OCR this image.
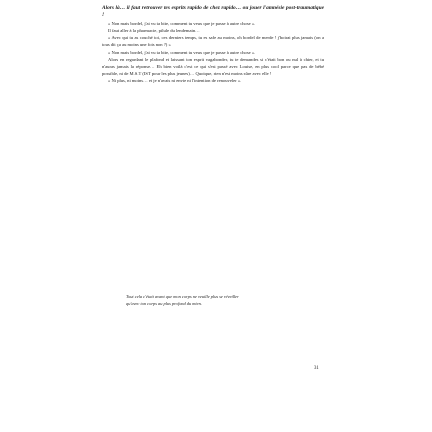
Alors là… il faut retrouver tes esprits rapido de chez rapido… ou jouer l'amnésie post-traumatique !

« Non mais bordel, j'ai vu ta bite, comment tu veux que je passe à autre chose ».

Il faut aller à la pharmacie, pilule du lendemain…

« Avec qui tu as couché toi, ces derniers temps, tu es safe au moins, oh bordel de merde ! j'boirai plus jamais (on a tous dit ça au moins une fois non ?) »

« Non mais bordel, j'ai vu ta bite, comment tu veux que je passe à autre chose ».

Alors en regardant le plafond et laissant ton esprit vagabonder, tu te demandes si c'était bon ou nul à chier, et tu n'auras jamais la réponse… Eh bien voilà c'est ce qui s'est passé avec Louise, en plus cool parce que pas de bébé possible, ni de M.S.T (IST pour les plus jeunes)… Quoique, rien n'est moins sûre avec elle !

« Ni plus, ni moins… et je n'avais ni envie ni l'intention de renouveler ».

Tout cela c'était avant que mon corps ne veuille plus se réveiller

qu'avec ton corps au plus profond du mien.

31
